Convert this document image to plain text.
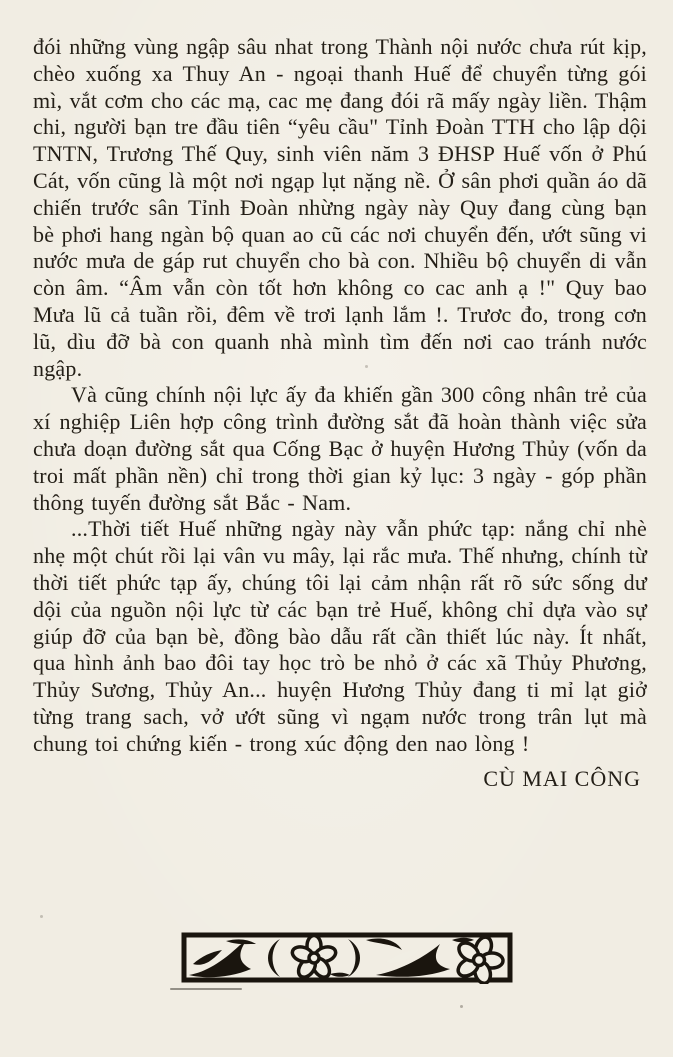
đói những vùng ngập sâu nhat trong Thành nội nước chưa rút kịp, chèo xuống xa Thuy An - ngoại thanh Huế để chuyển từng gói mì, vắt cơm cho các mạ, cac mẹ đang đói rã mấy ngày liền. Thậm chi, người bạn tre đầu tiên “yêu cầu" Tỉnh Đoàn TTH cho lập dội TNTN, Trương Thế Quy, sinh viên năm 3 ĐHSP Huế vốn ở Phú Cát, vốn cũng là một nơi ngạp lụt nặng nề. Ở sân phơi quần áo dã chiến trước sân Tỉnh Đoàn nhừng ngày này Quy đang cùng bạn bè phơi hang ngàn bộ quan ao cũ các nơi chuyển đến, ướt sũng vi nước mưa de gáp rut chuyển cho bà con. Nhiều bộ chuyển di vẫn còn âm. “Âm vẫn còn tốt hơn không co cac anh ạ !" Quy bao Mưa lũ cả tuần rồi, đêm về trơi lạnh lắm !. Trươc đo, trong cơn lũ, dìu đỡ bà con quanh nhà mình tìm đến nơi cao tránh nước ngập.

Và cũng chính nội lực ấy đa khiến gần 300 công nhân trẻ của xí nghiệp Liên hợp công trình đường sắt đã hoàn thành việc sửa chưa doạn đường sắt qua Cống Bạc ở huyện Hương Thủy (vốn da troi mất phần nền) chỉ trong thời gian kỷ lục: 3 ngày - góp phần thông tuyến đường sắt Bắc - Nam.

...Thời tiết Huế những ngày này vẫn phức tạp: nắng chỉ nhè nhẹ một chút rồi lại vân vu mây, lại rắc mưa. Thế nhưng, chính từ thời tiết phức tạp ấy, chúng tôi lại cảm nhận rất rõ sức sống dư dội của nguồn nội lực từ các bạn trẻ Huế, không chỉ dựa vào sự giúp đỡ của bạn bè, đồng bào dẫu rất cần thiết lúc này. Ít nhất, qua hình ảnh bao đôi tay học trò be nhỏ ở các xã Thủy Phương, Thủy Sương, Thủy An... huyện Hương Thủy đang ti mỉ lạt giở từng trang sach, vở ướt sũng vì ngạm nước trong trân lụt mà chung toi chứng kiến - trong xúc động den nao lòng !

CÙ MAI CÔNG
